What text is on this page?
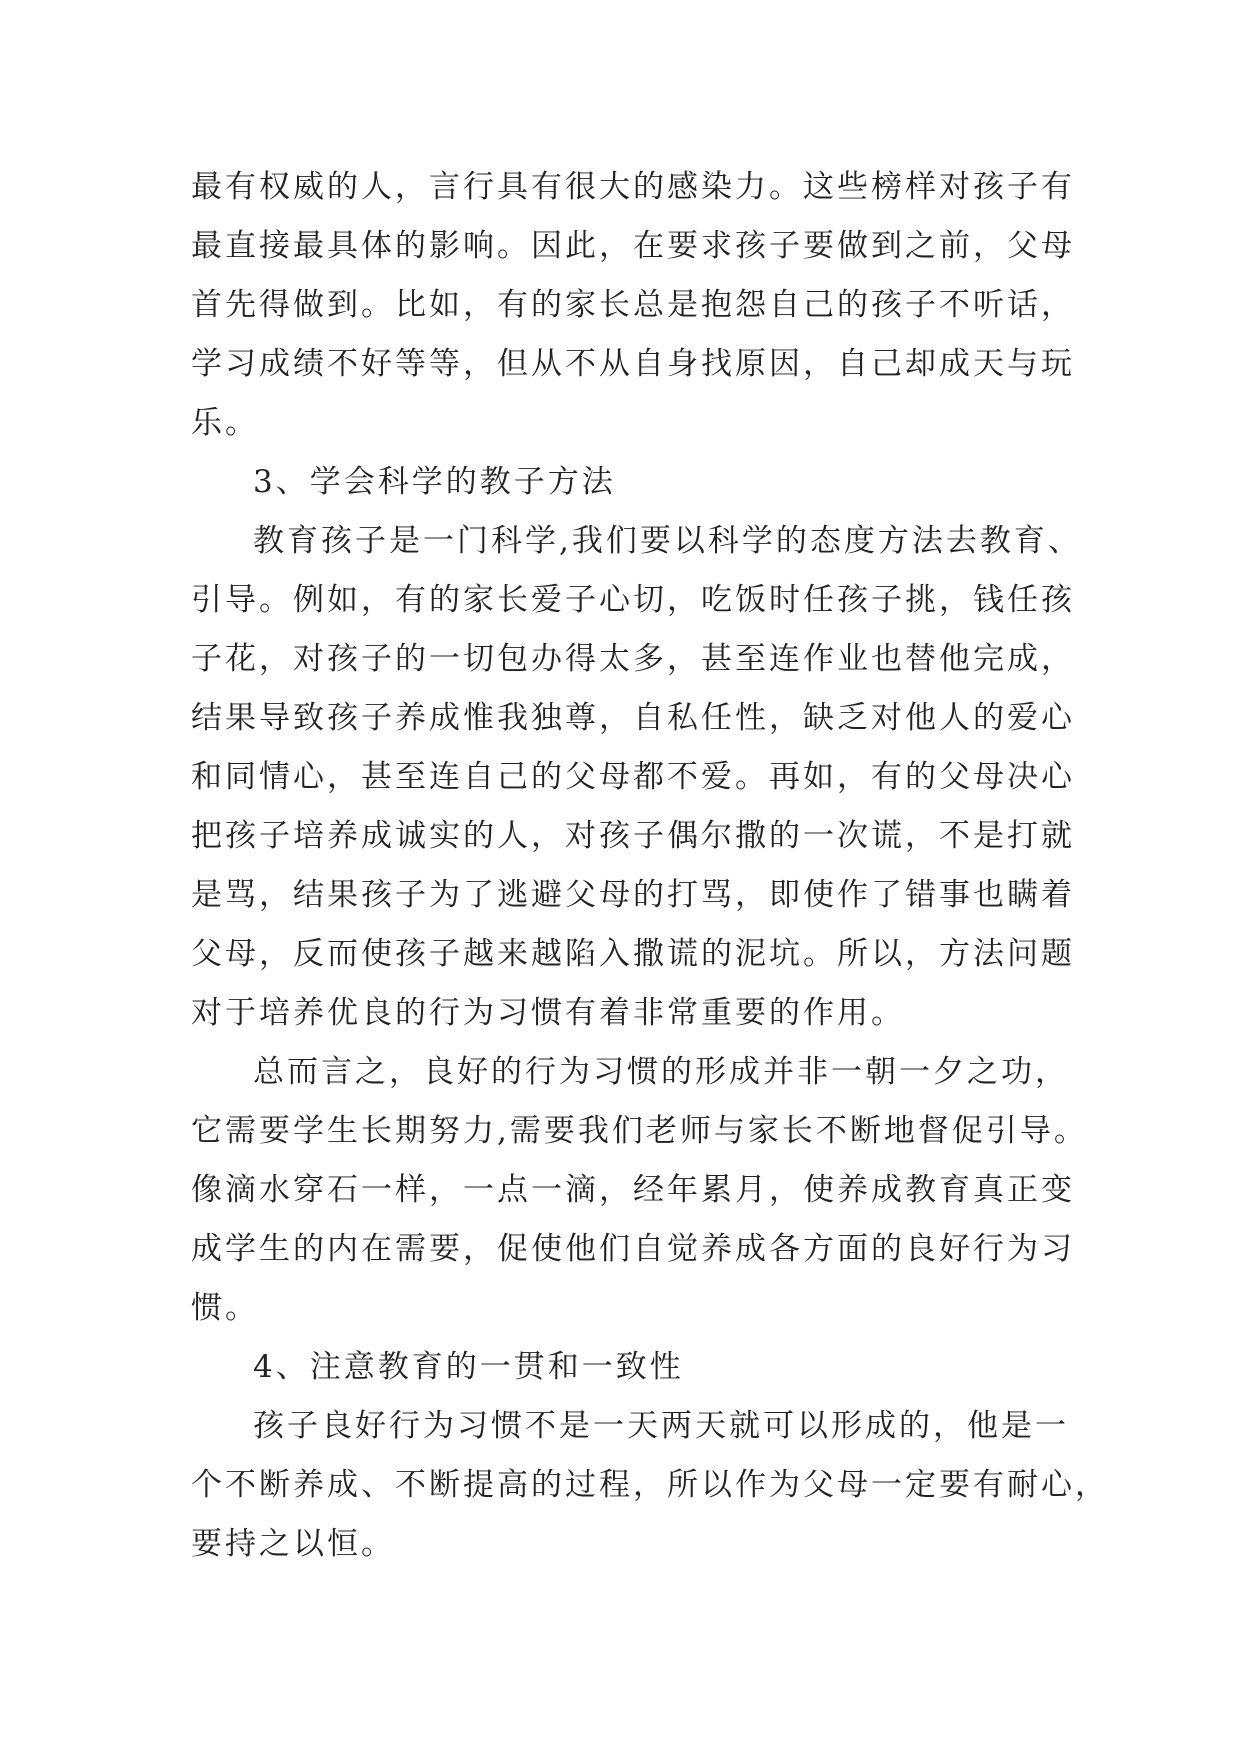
最有权威的人，言行具有很大的感染力。这些榜样对孩子有
最直接最具体的影响。因此，在要求孩子要做到之前，父母
首先得做到。比如，有的家长总是抱怨自己的孩子不听话，
学习成绩不好等等，但从不从自身找原因，自己却成天与玩
乐。

3、学会科学的教子方法

教育孩子是一门科学,我们要以科学的态度方法去教育、
引导。例如，有的家长爱子心切，吃饭时任孩子挑，钱任孩
子花，对孩子的一切包办得太多，甚至连作业也替他完成，
结果导致孩子养成惟我独尊，自私任性，缺乏对他人的爱心
和同情心，甚至连自己的父母都不爱。再如，有的父母决心
把孩子培养成诚实的人，对孩子偶尔撒的一次谎，不是打就
是骂，结果孩子为了逃避父母的打骂，即使作了错事也瞒着
父母，反而使孩子越来越陷入撒谎的泥坑。所以，方法问题
对于培养优良的行为习惯有着非常重要的作用。

总而言之，良好的行为习惯的形成并非一朝一夕之功，
它需要学生长期努力,需要我们老师与家长不断地督促引导。
像滴水穿石一样，一点一滴，经年累月，使养成教育真正变
成学生的内在需要，促使他们自觉养成各方面的良好行为习
惯。

4、注意教育的一贯和一致性

孩子良好行为习惯不是一天两天就可以形成的，他是一
个不断养成、不断提高的过程，所以作为父母一定要有耐心，
要持之以恒。
